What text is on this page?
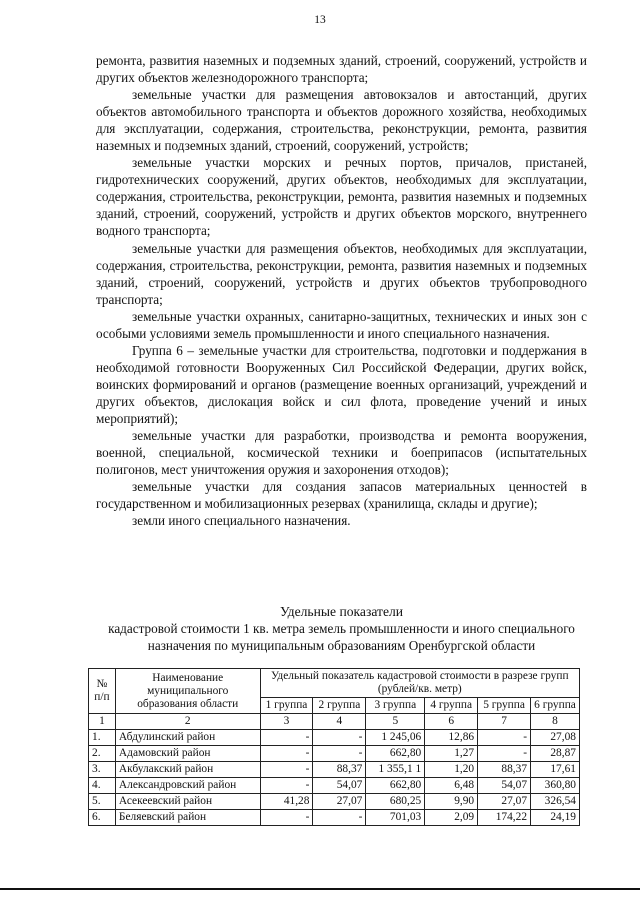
13

ремонта, развития наземных и подземных зданий, строений, сооружений, устройств и других объектов железнодорожного транспорта;

земельные участки для размещения автовокзалов и автостанций, других объектов автомобильного транспорта и объектов дорожного хозяйства, необходимых для эксплуатации, содержания, строительства, реконструкции, ремонта, развития наземных и подземных зданий, строений, сооружений, устройств;

земельные участки морских и речных портов, причалов, пристаней, гидротехнических сооружений, других объектов, необходимых для эксплуатации, содержания, строительства, реконструкции, ремонта, развития наземных и подземных зданий, строений, сооружений, устройств и других объектов морского, внутреннего водного транспорта;

земельные участки для размещения объектов, необходимых для эксплуатации, содержания, строительства, реконструкции, ремонта, развития наземных и подземных зданий, строений, сооружений, устройств и других объектов трубопроводного транспорта;

земельные участки охранных, санитарно-защитных, технических и иных зон с особыми условиями земель промышленности и иного специального назначения.

Группа 6 – земельные участки для строительства, подготовки и поддержания в необходимой готовности Вооруженных Сил Российской Федерации, других войск, воинских формирований и органов (размещение военных организаций, учреждений и других объектов, дислокация войск и сил флота, проведение учений и иных мероприятий);

земельные участки для разработки, производства и ремонта вооружения, военной, специальной, космической техники и боеприпасов (испытательных полигонов, мест уничтожения оружия и захоронения отходов);

земельные участки для создания запасов материальных ценностей в государственном и мобилизационных резервах (хранилища, склады и другие);

земли иного специального назначения.

Удельные показатели
кадастровой стоимости 1 кв. метра земель промышленности и иного специального назначения по муниципальным образованиям Оренбургской области
№ п/п	Наименование муниципального образования области	Удельный показатель кадастровой стоимости в разрезе групп (рублей/кв. метр)					
		1 группа	2 группа	3 группа	4 группа	5 группа	6 группа
1	2	3	4	5	6	7	8
1.	Абдулинский район	-	-	1 245,06	12,86	-	27,08
2.	Адамовский район	-	-	662,80	1,27	-	28,87
3.	Акбулакский район	-	88,37	1 355,1 1	1,20	88,37	17,61
4.	Александровский район	-	54,07	662,80	6,48	54,07	360,80
5.	Асекеевский район	41,28	27,07	680,25	9,90	27,07	326,54
6.	Беляевский район	-	-	701,03	2,09	174,22	24,19
